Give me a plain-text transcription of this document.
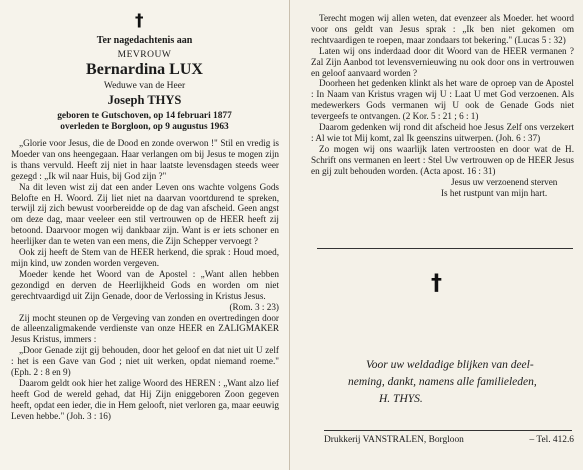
†
Ter nagedachtenis aan
MEVROUW
Bernardina LUX
Weduwe van de Heer
Joseph THYS
geboren te Gutschoven, op 14 februari 1877
overleden te Borgloon, op 9 augustus 1963

„Glorie voor Jesus, die de Dood en zonde overwon !" Stil en vredig is Moeder van ons heengegaan. Haar verlangen om bij Jesus te mogen zijn is thans vervuld. Heeft zij niet in haar laatste levensdagen steeds weer gezegd : „Ik wil naar Huis, bij God zijn ?"

Na dit leven wist zij dat een ander Leven ons wachte volgens Gods Belofte en H. Woord. Zij liet niet na daarvan voortdurend te spreken, terwijl zij zich bewust voorbereidde op de dag van afscheid. Geen angst om deze dag, maar veeleer een stil vertrouwen op de HEER heeft zij betoond. Daarvoor mogen wij dankbaar zijn. Want is er iets schoner en heerlijker dan te weten van een mens, die Zijn Schepper vervoegt ?

Ook zij heeft de Stem van de HEER herkend, die sprak : Houd moed, mijn kind, uw zonden worden vergeven.

Moeder kende het Woord van de Apostel : „Want allen hebben gezondigd en derven de Heerlijkheid Gods en worden om niet gerechtvaardigd uit Zijn Genade, door de Verlossing in Kristus Jesus.

(Rom. 3 : 23)

Zij mocht steunen op de Vergeving van zonden en overtredingen door de alleenzaligmakende verdienste van onze HEER en ZALIGMAKER Jesus Kristus, immers :

„Door Genade zijt gij behouden, door het geloof en dat niet uit U zelf : het is een Gave van God ; niet uit werken, opdat niemand roeme." (Eph. 2 : 8 en 9)

Daarom geldt ook hier het zalige Woord des HEREN : „Want alzo lief heeft God de wereld gehad, dat Hij Zijn eniggeboren Zoon gegeven heeft, opdat een ieder, die in Hem gelooft, niet verloren ga, maar eeuwig Leven hebbe." (Joh. 3 : 16)

Terecht mogen wij allen weten, dat evenzeer als Moeder. het woord voor ons geldt van Jesus sprak : „Ik ben niet gekomen om rechtvaardigen te roepen, maar zondaars tot bekering." (Lucas 5 : 32)

Laten wij ons inderdaad door dit Woord van de HEER vermanen ? Zal Zijn Aanbod tot levensvernieuwing nu ook door ons in vertrouwen en geloof aanvaard worden ?

Doorheen het gedenken klinkt als het ware de oproep van de Apostel : In Naam van Kristus vragen wij U : Laat U met God verzoenen. Als medewerkers Gods vermanen wij U ook de Genade Gods niet tevergeefs te ontvangen. (2 Kor. 5 : 21 ; 6 : 1)

Daarom gedenken wij rond dit afscheid hoe Jesus Zelf ons verzekert : Al wie tot Mij komt, zal Ik geenszins uitwerpen. (Joh. 6 : 37)

Zo mogen wij ons waarlijk laten vertroosten en door wat de H. Schrift ons vermanen en leert : Stel Uw vertrouwen op de HEER Jesus en gij zult behouden worden. (Acta apost. 16 : 31)

Jesus uw verzoenend sterven

Is het rustpunt van mijn hart.

†
Voor uw weldadige blijken van deel-
neming, dankt, namens alle familieleden,
H. THYS.
Drukkerij VANSTRALEN, Borgloon	– Tel. 412.6
